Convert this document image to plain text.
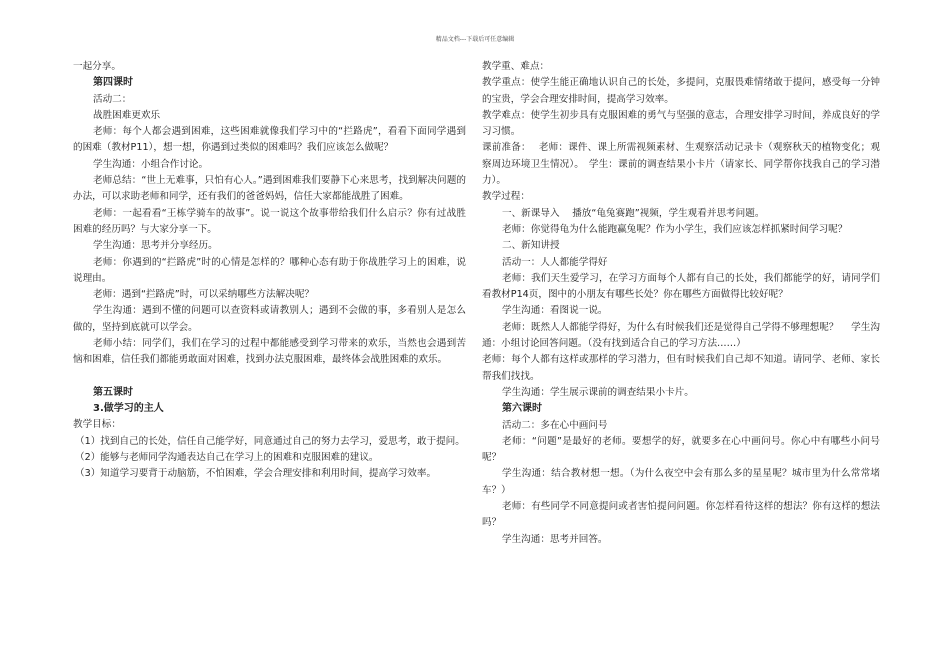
精品文档---下载后可任意编辑
一起分享。
第四课时
活动二：
战胜困难更欢乐
老师：每个人都会遇到困难，这些困难就像我们学习中的“拦路虎”，看看下面同学遇到的困难（教材P11），想一想，你遇到过类似的困难吗？我们应该怎么做呢？
学生沟通：小组合作讨论。
老师总结：“世上无难事，只怕有心人。”遇到困难我们要静下心来思考，找到解决问题的办法，可以求助老师和同学，还有我们的爸爸妈妈，信任大家都能战胜了困难。
老师：一起看看“王栋学骑车的故事”。说一说这个故事带给我们什么启示？你有过战胜困难的经历吗？与大家分享一下。
学生沟通：思考并分享经历。
老师：你遇到的“拦路虎”时的心情是怎样的？哪种心态有助于你战胜学习上的困难，说说理由。
老师：遇到“拦路虎”时，可以采纳哪些方法解决呢？
学生沟通：遇到不懂的问题可以查资料或请教别人；遇到不会做的事，多看别人是怎么做的，坚持到底就可以学会。
老师小结：同学们，我们在学习的过程中都能感受到学习带来的欢乐，当然也会遇到苦恼和困难，信任我们都能勇敢面对困难，找到办法克服困难，最终体会战胜困难的欢乐。
第五课时
3.做学习的主人
教学目标：
（1）找到自己的长处，信任自己能学好，同意通过自己的努力去学习，爱思考，敢于提问。
（2）能够与老师同学沟通表达自己在学习上的困难和克服困难的建议。
（3）知道学习要背于动脑筋，不怕困难，学会合理安排和利用时间，提高学习效率。
教学重、难点：
教学重点：使学生能正确地认识自己的长处，多提问，克服畏难情绪敢于提问，感受每一分钟的宝贵，学会合理安排时间，提高学习效率。
教学难点：使学生初步具有克服困难的勇气与坚强的意志，合理安排学习时间，养成良好的学习习惯。
课前准备：　 老师：课件、课上所需视频素材、生观察活动记录卡（观察秋天的植物变化；观察周边环境卫生情况）。　学生：课前的调查结果小卡片（请家长、同学帮你找我自己的学习潜力）。
教学过程：
一、新课导入　 播放“龟兔赛跑”视频，学生观看并思考问题。
老师：你觉得龟为什么能跑赢兔呢？作为小学生，我们应该怎样抓紧时间学习呢？
二、新知讲授
活动一：人人都能学得好
老师：我们天生爱学习，在学习方面每个人都有自己的长处，我们都能学的好，请同学们看教材P14页，图中的小朋友有哪些长处？你在哪些方面做得比较好呢？
学生沟通：看图说一说。
老师：既然人人都能学得好，为什么有时候我们还是觉得自己学得不够理想呢？　 学生沟通：小组讨论回答问题。（没有找到适合自己的学习方法……）
老师：每个人都有这样或那样的学习潜力，但有时候我们自己却不知道。请同学、老师、家长帮我们找找。
学生沟通：学生展示课前的调查结果小卡片。
第六课时
活动二：多在心中画问号
老师：“问题”是最好的老师。要想学的好，就要多在心中画问号。你心中有哪些小问号呢？
学生沟通：结合教材想一想。（为什么夜空中会有那么多的星星呢？城市里为什么常常堵车？）
老师：有些同学不同意提问或者害怕提问问题。你怎样看待这样的想法？你有这样的想法吗？
学生沟通：思考并回答。
